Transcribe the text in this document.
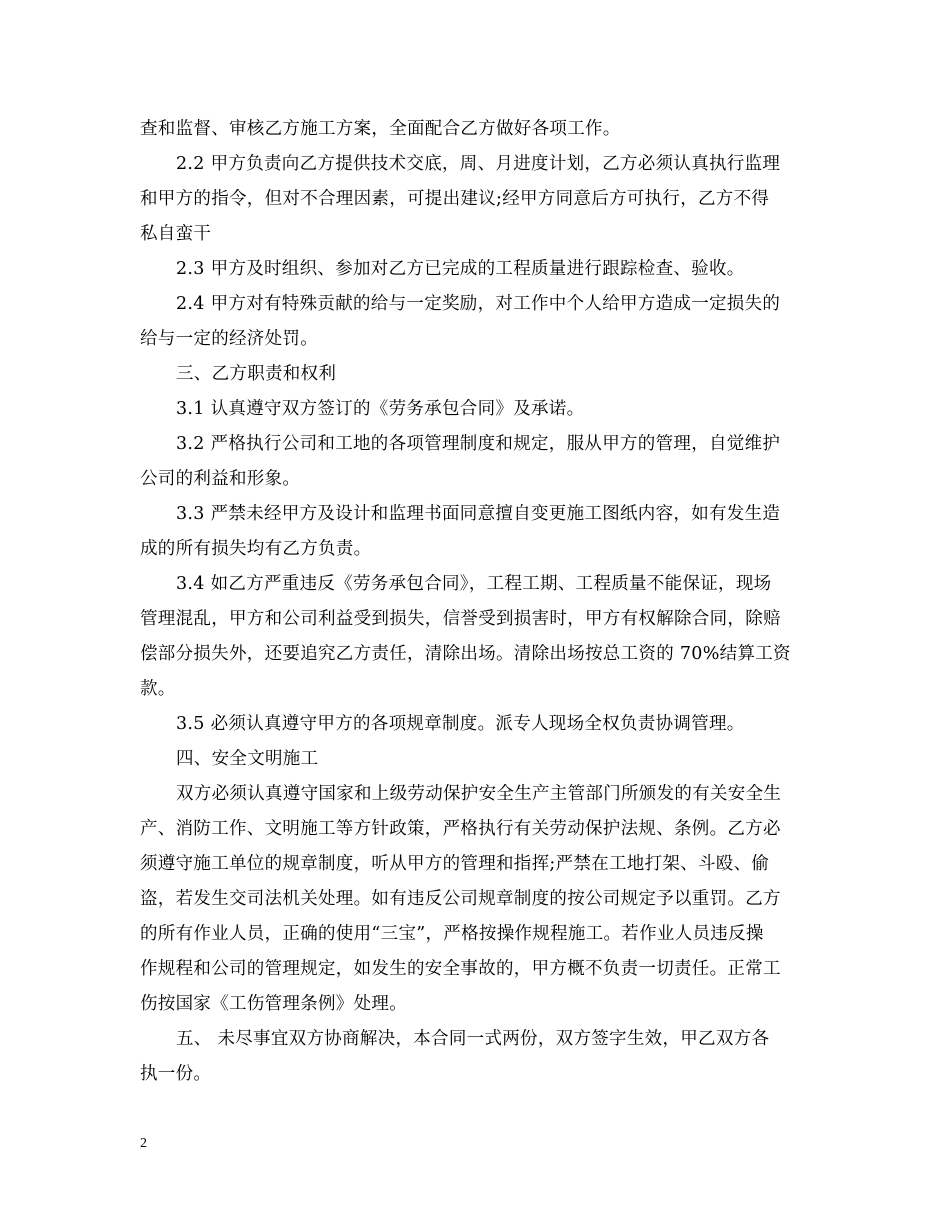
查和监督、审核乙方施工方案，全面配合乙方做好各项工作。
2.2 甲方负责向乙方提供技术交底，周、月进度计划，乙方必须认真执行监理
和甲方的指令，但对不合理因素，可提出建议;经甲方同意后方可执行，乙方不得
私自蛮干
2.3 甲方及时组织、参加对乙方已完成的工程质量进行跟踪检查、验收。
2.4 甲方对有特殊贡献的给与一定奖励，对工作中个人给甲方造成一定损失的
给与一定的经济处罚。
三、乙方职责和权利
3.1 认真遵守双方签订的《劳务承包合同》及承诺。
3.2 严格执行公司和工地的各项管理制度和规定，服从甲方的管理，自觉维护
公司的利益和形象。
3.3 严禁未经甲方及设计和监理书面同意擅自变更施工图纸内容，如有发生造
成的所有损失均有乙方负责。
3.4 如乙方严重违反《劳务承包合同》，工程工期、工程质量不能保证，现场
管理混乱，甲方和公司利益受到损失，信誉受到损害时，甲方有权解除合同，除赔
偿部分损失外，还要追究乙方责任，清除出场。清除出场按总工资的 70%结算工资
款。
3.5 必须认真遵守甲方的各项规章制度。派专人现场全权负责协调管理。
四、安全文明施工
双方必须认真遵守国家和上级劳动保护安全生产主管部门所颁发的有关安全生
产、消防工作、文明施工等方针政策，严格执行有关劳动保护法规、条例。乙方必
须遵守施工单位的规章制度，听从甲方的管理和指挥;严禁在工地打架、斗殴、偷
盗，若发生交司法机关处理。如有违反公司规章制度的按公司规定予以重罚。乙方
的所有作业人员，正确的使用“三宝”，严格按操作规程施工。若作业人员违反操
作规程和公司的管理规定，如发生的安全事故的，甲方概不负责一切责任。正常工
伤按国家《工伤管理条例》处理。
五、 未尽事宜双方协商解决，本合同一式两份，双方签字生效，甲乙双方各
执一份。
2
